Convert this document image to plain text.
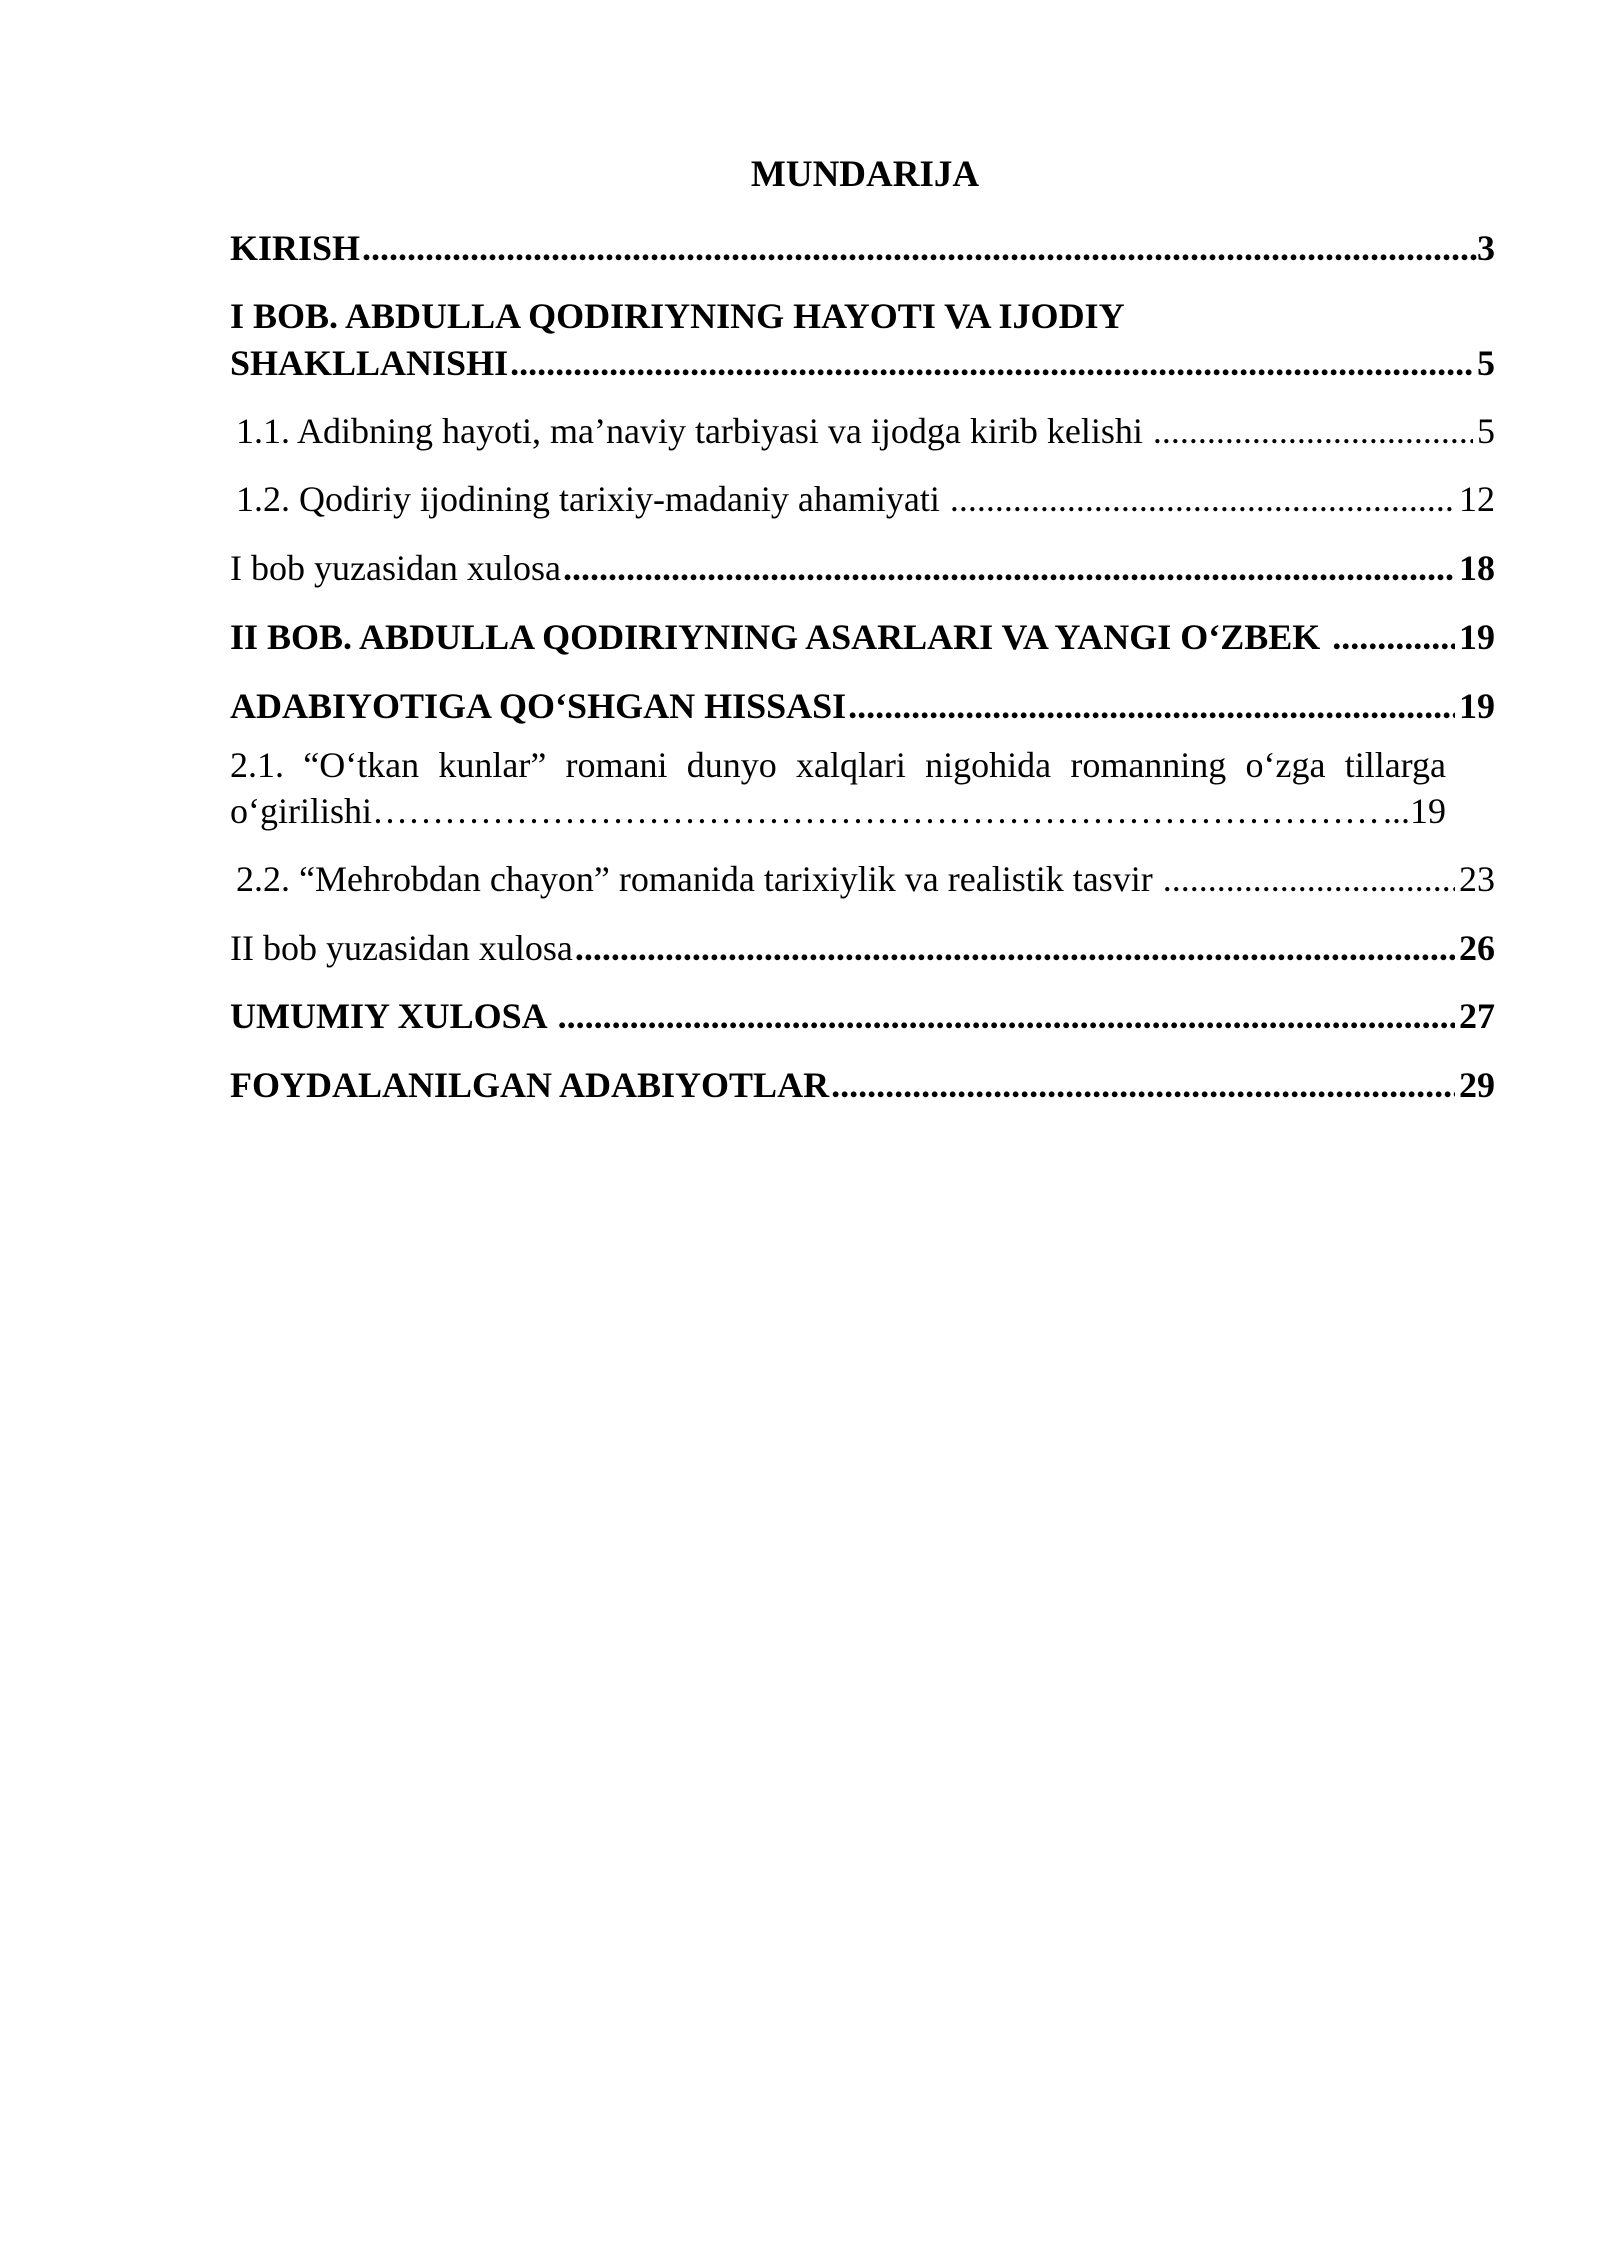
MUNDARIJA
KIRISH .....	3
I BOB. ABDULLA QODIRIYNING HAYOTI VA IJODIY
SHAKLLANISHI .....	5
1.1. Adibning hayoti, ma’naviy tarbiyasi va ijodga kirib kelishi .....	5
1.2. Qodiriy ijodining tarixiy-madaniy ahamiyati .....	12
I bob yuzasidan xulosa .....	18
II BOB. ABDULLA QODIRIYNING ASARLARI VA YANGI O‘ZBEK .....	19
ADABIYOTIGA QO‘SHGAN HISSASI .....	19
2.1. “O‘tkan kunlar” romani dunyo xalqlari nigohida romanning o‘zga tillarga
o‘girilishi ……………………………………………………………………………………………………………………………………………	...19
2.2. “Mehrobdan chayon” romanida tarixiylik va realistik tasvir .....	23
II bob yuzasidan xulosa .....	26
UMUMIY XULOSA .....	27
FOYDALANILGAN ADABIYOTLAR .....	29
